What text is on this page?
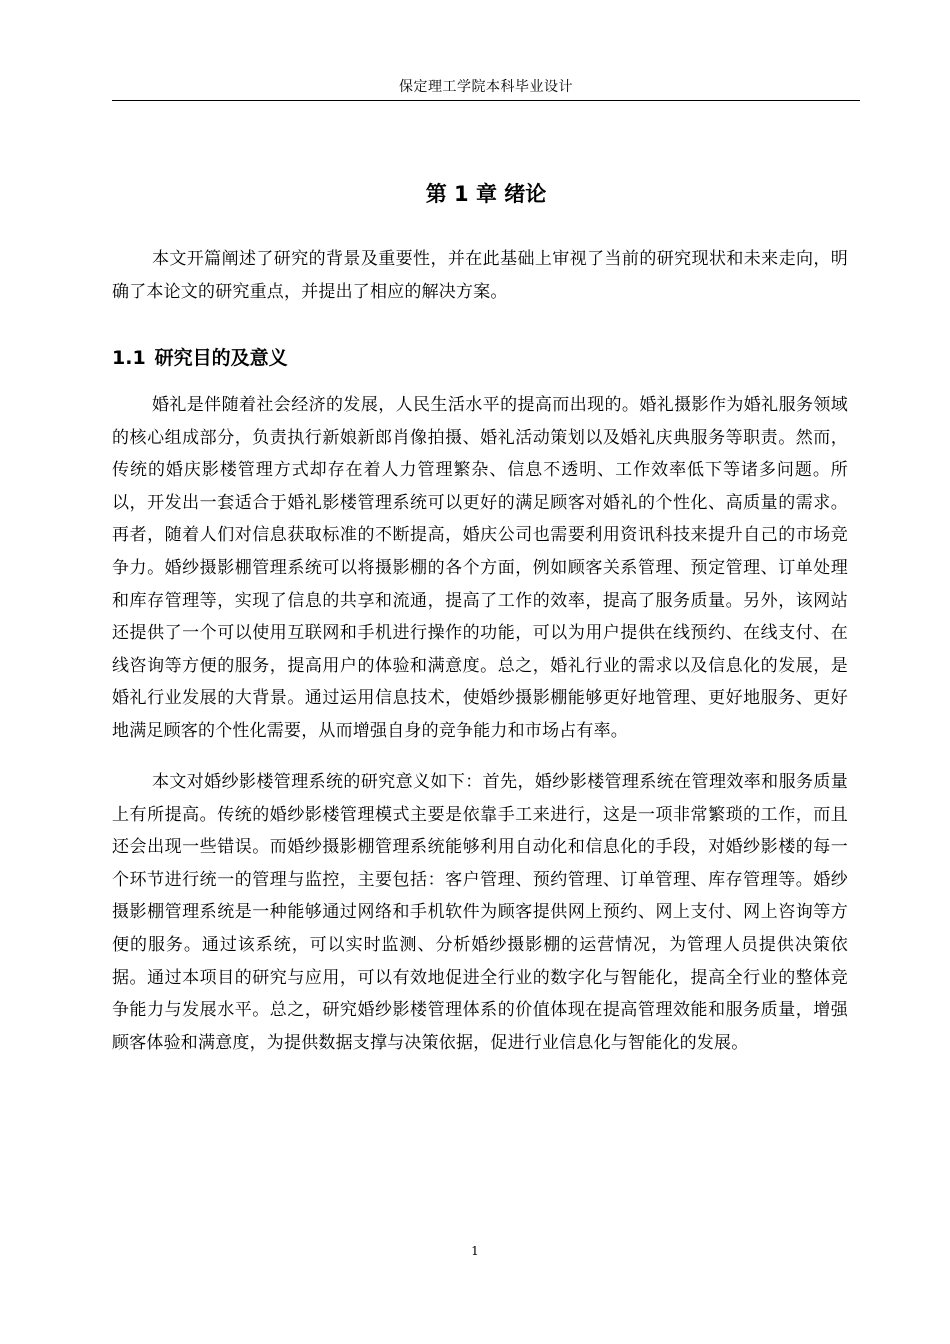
保定理工学院本科毕业设计
第 1 章 绪论

本文开篇阐述了研究的背景及重要性，并在此基础上审视了当前的研究现状和未来走向，明确了本论文的研究重点，并提出了相应的解决方案。

1.1 研究目的及意义

婚礼是伴随着社会经济的发展，人民生活水平的提高而出现的。婚礼摄影作为婚礼服务领域的核心组成部分，负责执行新娘新郎肖像拍摄、婚礼活动策划以及婚礼庆典服务等职责。然而，传统的婚庆影楼管理方式却存在着人力管理繁杂、信息不透明、工作效率低下等诸多问题。所以，开发出一套适合于婚礼影楼管理系统可以更好的满足顾客对婚礼的个性化、高质量的需求。再者，随着人们对信息获取标准的不断提高，婚庆公司也需要利用资讯科技来提升自己的市场竞争力。婚纱摄影棚管理系统可以将摄影棚的各个方面，例如顾客关系管理、预定管理、订单处理和库存管理等，实现了信息的共享和流通，提高了工作的效率，提高了服务质量。另外，该网站还提供了一个可以使用互联网和手机进行操作的功能，可以为用户提供在线预约、在线支付、在线咨询等方便的服务，提高用户的体验和满意度。总之，婚礼行业的需求以及信息化的发展，是婚礼行业发展的大背景。通过运用信息技术，使婚纱摄影棚能够更好地管理、更好地服务、更好地满足顾客的个性化需要，从而增强自身的竞争能力和市场占有率。

本文对婚纱影楼管理系统的研究意义如下：首先，婚纱影楼管理系统在管理效率和服务质量上有所提高。传统的婚纱影楼管理模式主要是依靠手工来进行，这是一项非常繁琐的工作，而且还会出现一些错误。而婚纱摄影棚管理系统能够利用自动化和信息化的手段，对婚纱影楼的每一个环节进行统一的管理与监控，主要包括：客户管理、预约管理、订单管理、库存管理等。婚纱摄影棚管理系统是一种能够通过网络和手机软件为顾客提供网上预约、网上支付、网上咨询等方便的服务。通过该系统，可以实时监测、分析婚纱摄影棚的运营情况，为管理人员提供决策依据。通过本项目的研究与应用，可以有效地促进全行业的数字化与智能化，提高全行业的整体竞争能力与发展水平。总之，研究婚纱影楼管理体系的价值体现在提高管理效能和服务质量，增强顾客体验和满意度，为提供数据支撑与决策依据，促进行业信息化与智能化的发展。

1
